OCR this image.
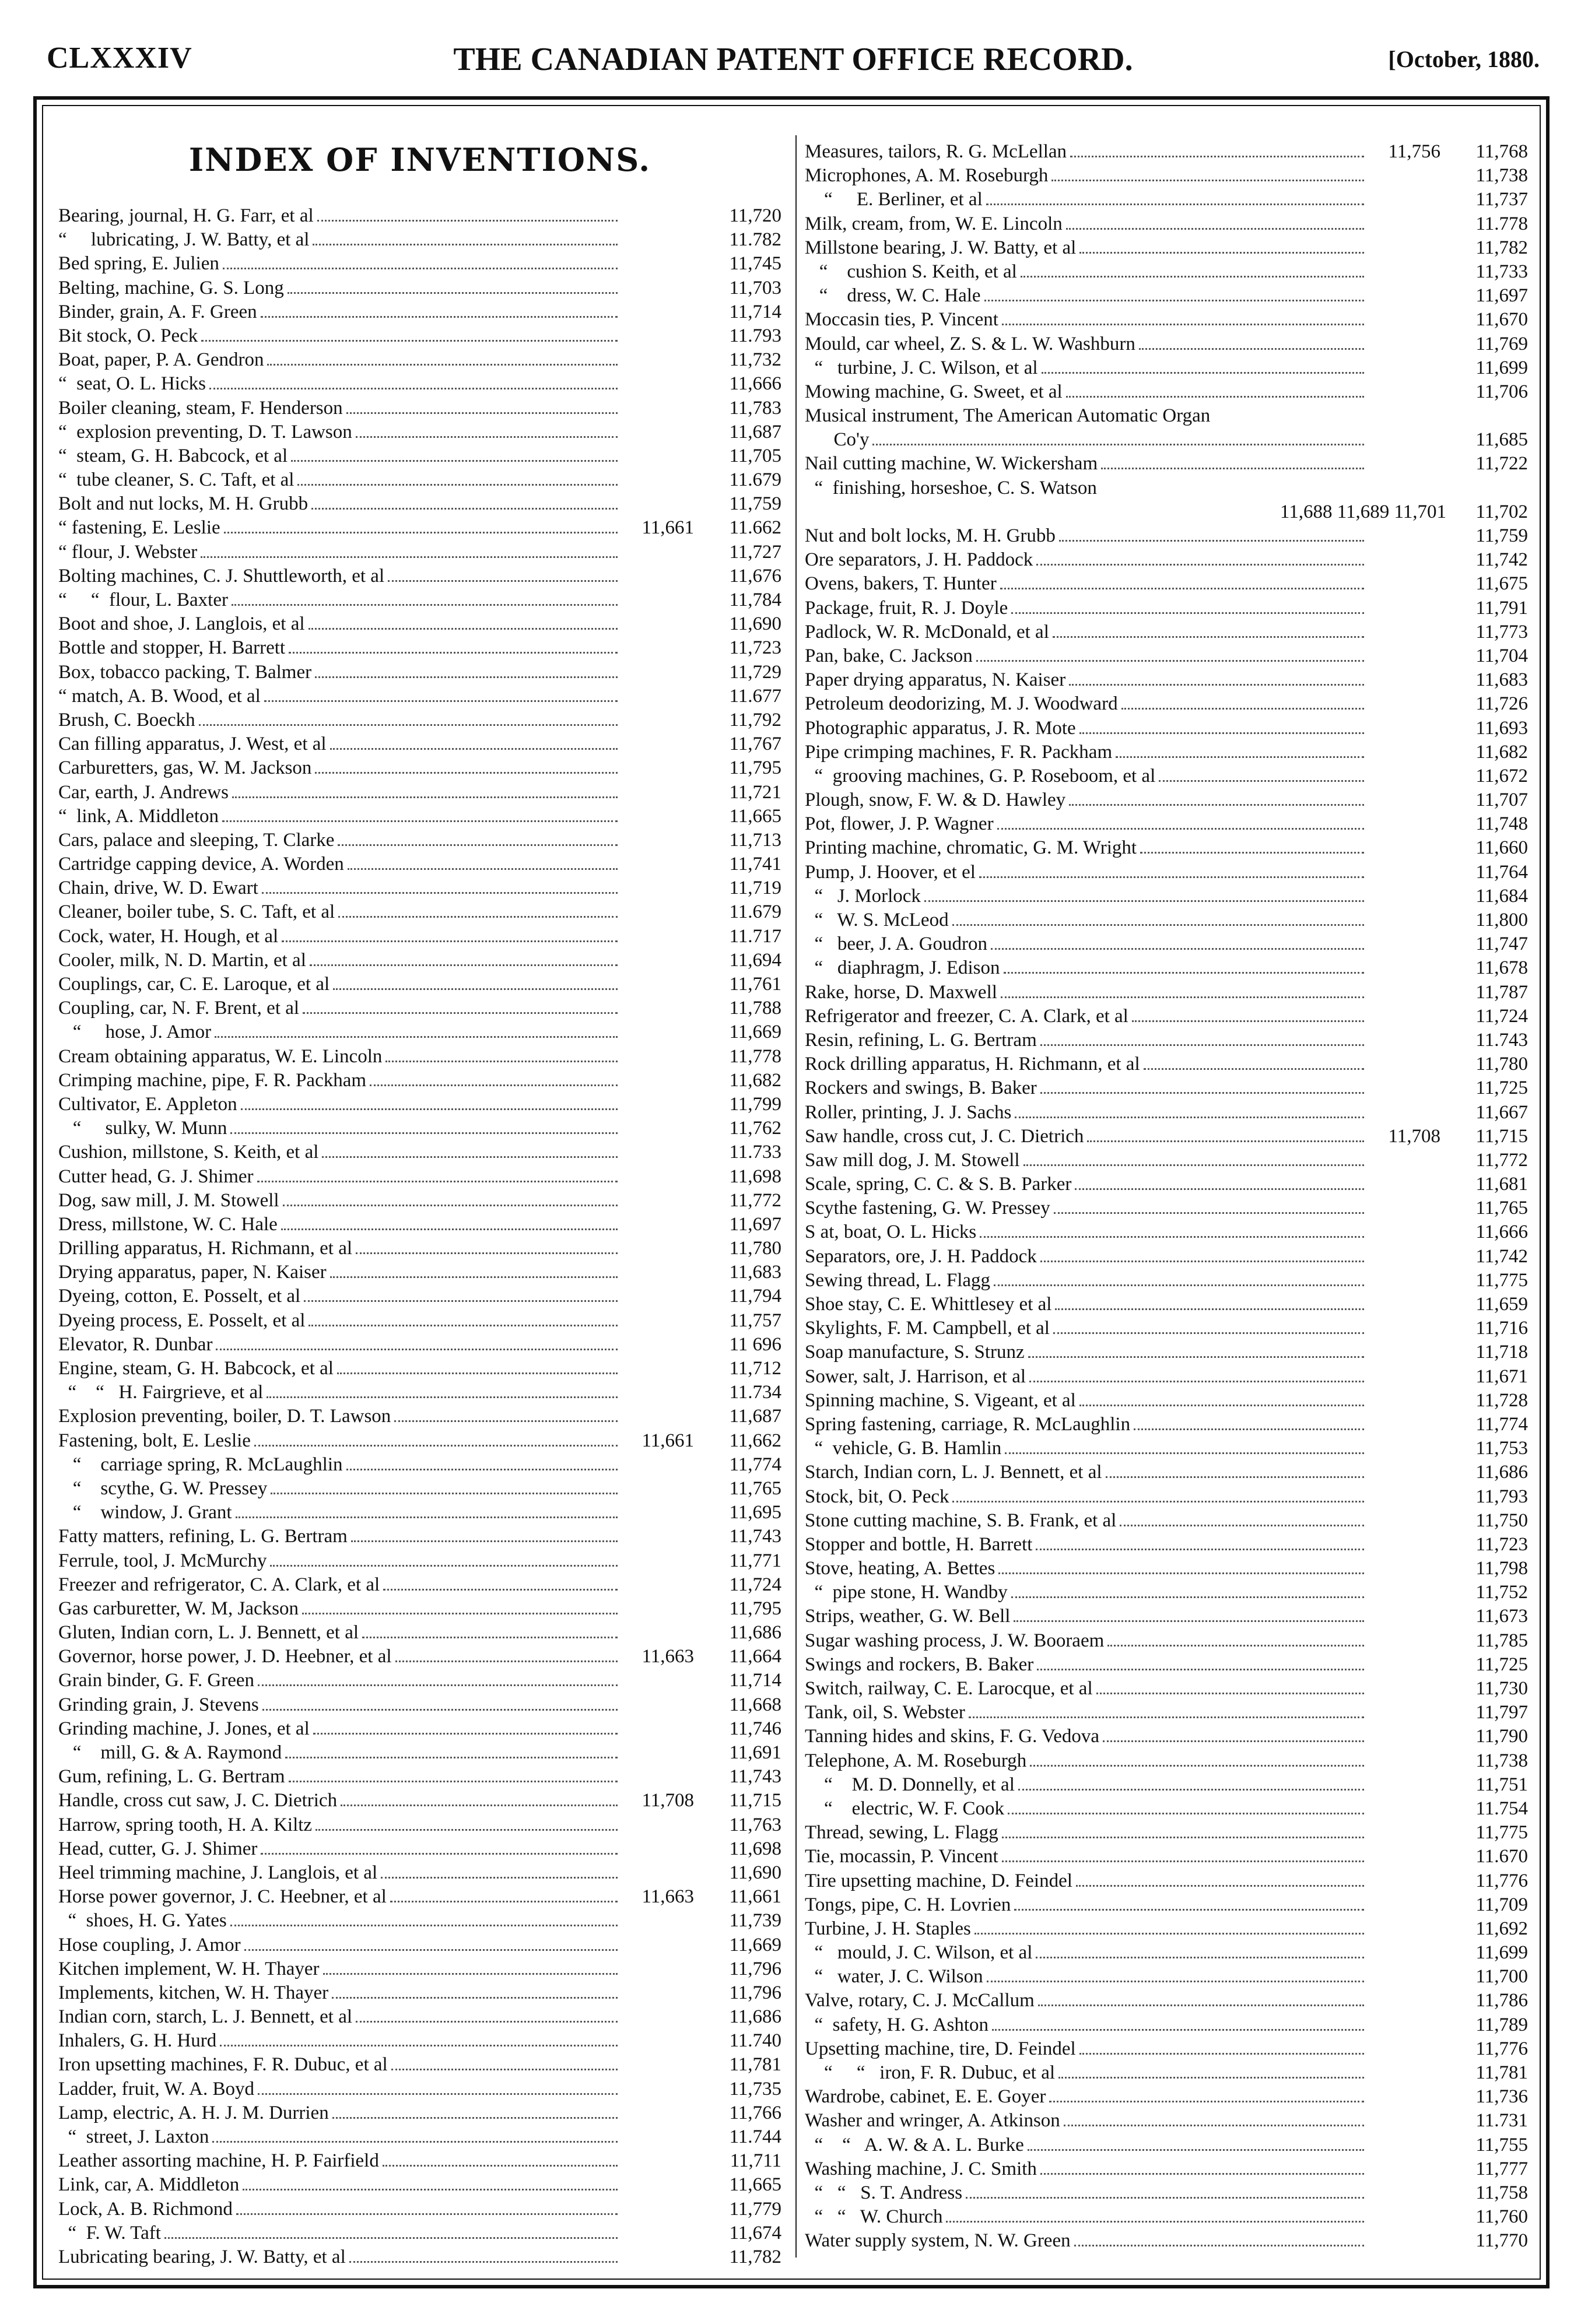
THE CANADIAN PATENT OFFICE RECORD.
CLXXXIV	[October, 1880.
INDEX OF INVENTIONS.
Bearing, journal, H. G. Farr, et al	11,720
“     lubricating, J. W. Batty, et al	11.782
Bed spring, E. Julien	11,745
Belting, machine, G. S. Long	11,703
Binder, grain, A. F. Green	11,714
Bit stock, O. Peck	11.793
Boat, paper, P. A. Gendron	11,732
“  seat, O. L. Hicks	11,666
Boiler cleaning, steam, F. Henderson	11,783
“  explosion preventing, D. T. Lawson	11,687
“  steam, G. H. Babcock, et al	11,705
“  tube cleaner, S. C. Taft, et al	11.679
Bolt and nut locks, M. H. Grubb	11,759
“ fastening, E. Leslie	11,661	11.662
“ flour, J. Webster	11,727
Bolting machines, C. J. Shuttleworth, et al	11,676
“     “  flour, L. Baxter	11,784
Boot and shoe, J. Langlois, et al	11,690
Bottle and stopper, H. Barrett	11,723
Box, tobacco packing, T. Balmer	11,729
“ match, A. B. Wood, et al	11.677
Brush, C. Boeckh	11,792
Can filling apparatus, J. West, et al	11,767
Carburetters, gas, W. M. Jackson	11,795
Car, earth, J. Andrews	11,721
“  link, A. Middleton	11,665
Cars, palace and sleeping, T. Clarke	11,713
Cartridge capping device, A. Worden	11,741
Chain, drive, W. D. Ewart	11,719
Cleaner, boiler tube, S. C. Taft, et al	11.679
Cock, water, H. Hough, et al	11.717
Cooler, milk, N. D. Martin, et al	11,694
Couplings, car, C. E. Laroque, et al	11,761
Coupling, car, N. F. Brent, et al	11,788
“     hose, J. Amor	11,669
Cream obtaining apparatus, W. E. Lincoln	11,778
Crimping machine, pipe, F. R. Packham	11,682
Cultivator, E. Appleton	11,799
“     sulky, W. Munn	11,762
Cushion, millstone, S. Keith, et al	11.733
Cutter head, G. J. Shimer	11,698
Dog, saw mill, J. M. Stowell	11,772
Dress, millstone, W. C. Hale	11,697
Drilling apparatus, H. Richmann, et al	11,780
Drying apparatus, paper, N. Kaiser	11,683
Dyeing, cotton, E. Posselt, et al	11,794
Dyeing process, E. Posselt, et al	11,757
Elevator, R. Dunbar	11 696
Engine, steam, G. H. Babcock, et al	11,712
“    “   H. Fairgrieve, et al	11.734
Explosion preventing, boiler, D. T. Lawson	11,687
Fastening, bolt, E. Leslie	11,661	11,662
“    carriage spring, R. McLaughlin	11,774
“    scythe, G. W. Pressey	11,765
“    window, J. Grant	11,695
Fatty matters, refining, L. G. Bertram	11,743
Ferrule, tool, J. McMurchy	11,771
Freezer and refrigerator, C. A. Clark, et al	11,724
Gas carburetter, W. M, Jackson	11,795
Gluten, Indian corn, L. J. Bennett, et al	11,686
Governor, horse power, J. D. Heebner, et al	11,663	11,664
Grain binder, G. F. Green	11,714
Grinding grain, J. Stevens	11,668
Grinding machine, J. Jones, et al	11,746
“    mill, G. & A. Raymond	11,691
Gum, refining, L. G. Bertram	11,743
Handle, cross cut saw, J. C. Dietrich	11,708	11,715
Harrow, spring tooth, H. A. Kiltz	11,763
Head, cutter, G. J. Shimer	11,698
Heel trimming machine, J. Langlois, et al	11,690
Horse power governor, J. C. Heebner, et al	11,663	11,661
“  shoes, H. G. Yates	11,739
Hose coupling, J. Amor	11,669
Kitchen implement, W. H. Thayer	11,796
Implements, kitchen, W. H. Thayer	11,796
Indian corn, starch, L. J. Bennett, et al	11,686
Inhalers, G. H. Hurd	11.740
Iron upsetting machines, F. R. Dubuc, et al	11,781
Ladder, fruit, W. A. Boyd	11,735
Lamp, electric, A. H. J. M. Durrien	11,766
“  street, J. Laxton	11.744
Leather assorting machine, H. P. Fairfield	11,711
Link, car, A. Middleton	11,665
Lock, A. B. Richmond	11,779
“  F. W. Taft	11,674
Lubricating bearing, J. W. Batty, et al	11,782
Measures, tailors, R. G. McLellan	11,756	11,768
Microphones, A. M. Roseburgh	11,738
“     E. Berliner, et al	11,737
Milk, cream, from, W. E. Lincoln	11.778
Millstone bearing, J. W. Batty, et al	11,782
“    cushion S. Keith, et al	11,733
“    dress, W. C. Hale	11,697
Moccasin ties, P. Vincent	11,670
Mould, car wheel, Z. S. & L. W. Washburn	11,769
“   turbine, J. C. Wilson, et al	11,699
Mowing machine, G. Sweet, et al	11,706
Musical instrument, The American Automatic Organ
Co'y	11,685
Nail cutting machine, W. Wickersham	11,722
“  finishing, horseshoe, C. S. Watson
11,688 11,689 11,701	11,702
Nut and bolt locks, M. H. Grubb	11,759
Ore separators, J. H. Paddock	11,742
Ovens, bakers, T. Hunter	11,675
Package, fruit, R. J. Doyle	11,791
Padlock, W. R. McDonald, et al	11,773
Pan, bake, C. Jackson	11,704
Paper drying apparatus, N. Kaiser	11,683
Petroleum deodorizing, M. J. Woodward	11,726
Photographic apparatus, J. R. Mote	11,693
Pipe crimping machines, F. R. Packham	11,682
“  grooving machines, G. P. Roseboom, et al	11,672
Plough, snow, F. W. & D. Hawley	11,707
Pot, flower, J. P. Wagner	11,748
Printing machine, chromatic, G. M. Wright	11,660
Pump, J. Hoover, et el	11,764
“   J. Morlock	11,684
“   W. S. McLeod	11,800
“   beer, J. A. Goudron	11,747
“   diaphragm, J. Edison	11,678
Rake, horse, D. Maxwell	11,787
Refrigerator and freezer, C. A. Clark, et al	11,724
Resin, refining, L. G. Bertram	11.743
Rock drilling apparatus, H. Richmann, et al	11,780
Rockers and swings, B. Baker	11,725
Roller, printing, J. J. Sachs	11,667
Saw handle, cross cut, J. C. Dietrich	11,708	11,715
Saw mill dog, J. M. Stowell	11,772
Scale, spring, C. C. & S. B. Parker	11,681
Scythe fastening, G. W. Pressey	11,765
S at, boat, O. L. Hicks	11,666
Separators, ore, J. H. Paddock	11,742
Sewing thread, L. Flagg	11,775
Shoe stay, C. E. Whittlesey et al	11,659
Skylights, F. M. Campbell, et al	11,716
Soap manufacture, S. Strunz	11,718
Sower, salt, J. Harrison, et al	11,671
Spinning machine, S. Vigeant, et al	11,728
Spring fastening, carriage, R. McLaughlin	11,774
“  vehicle, G. B. Hamlin	11,753
Starch, Indian corn, L. J. Bennett, et al	11,686
Stock, bit, O. Peck	11,793
Stone cutting machine, S. B. Frank, et al	11,750
Stopper and bottle, H. Barrett	11,723
Stove, heating, A. Bettes	11,798
“  pipe stone, H. Wandby	11,752
Strips, weather, G. W. Bell	11,673
Sugar washing process, J. W. Booraem	11,785
Swings and rockers, B. Baker	11,725
Switch, railway, C. E. Larocque, et al	11,730
Tank, oil, S. Webster	11,797
Tanning hides and skins, F. G. Vedova	11,790
Telephone, A. M. Roseburgh	11,738
“    M. D. Donnelly, et al	11,751
“    electric, W. F. Cook	11.754
Thread, sewing, L. Flagg	11,775
Tie, mocassin, P. Vincent	11.670
Tire upsetting machine, D. Feindel	11,776
Tongs, pipe, C. H. Lovrien	11,709
Turbine, J. H. Staples	11,692
“   mould, J. C. Wilson, et al	11,699
“   water, J. C. Wilson	11,700
Valve, rotary, C. J. McCallum	11,786
“  safety, H. G. Ashton	11,789
Upsetting machine, tire, D. Feindel	11,776
“     “   iron, F. R. Dubuc, et al	11,781
Wardrobe, cabinet, E. E. Goyer	11,736
Washer and wringer, A. Atkinson	11.731
“    “   A. W. & A. L. Burke	11,755
Washing machine, J. C. Smith	11,777
“   “   S. T. Andress	11,758
“   “   W. Church	11,760
Water supply system, N. W. Green	11,770
